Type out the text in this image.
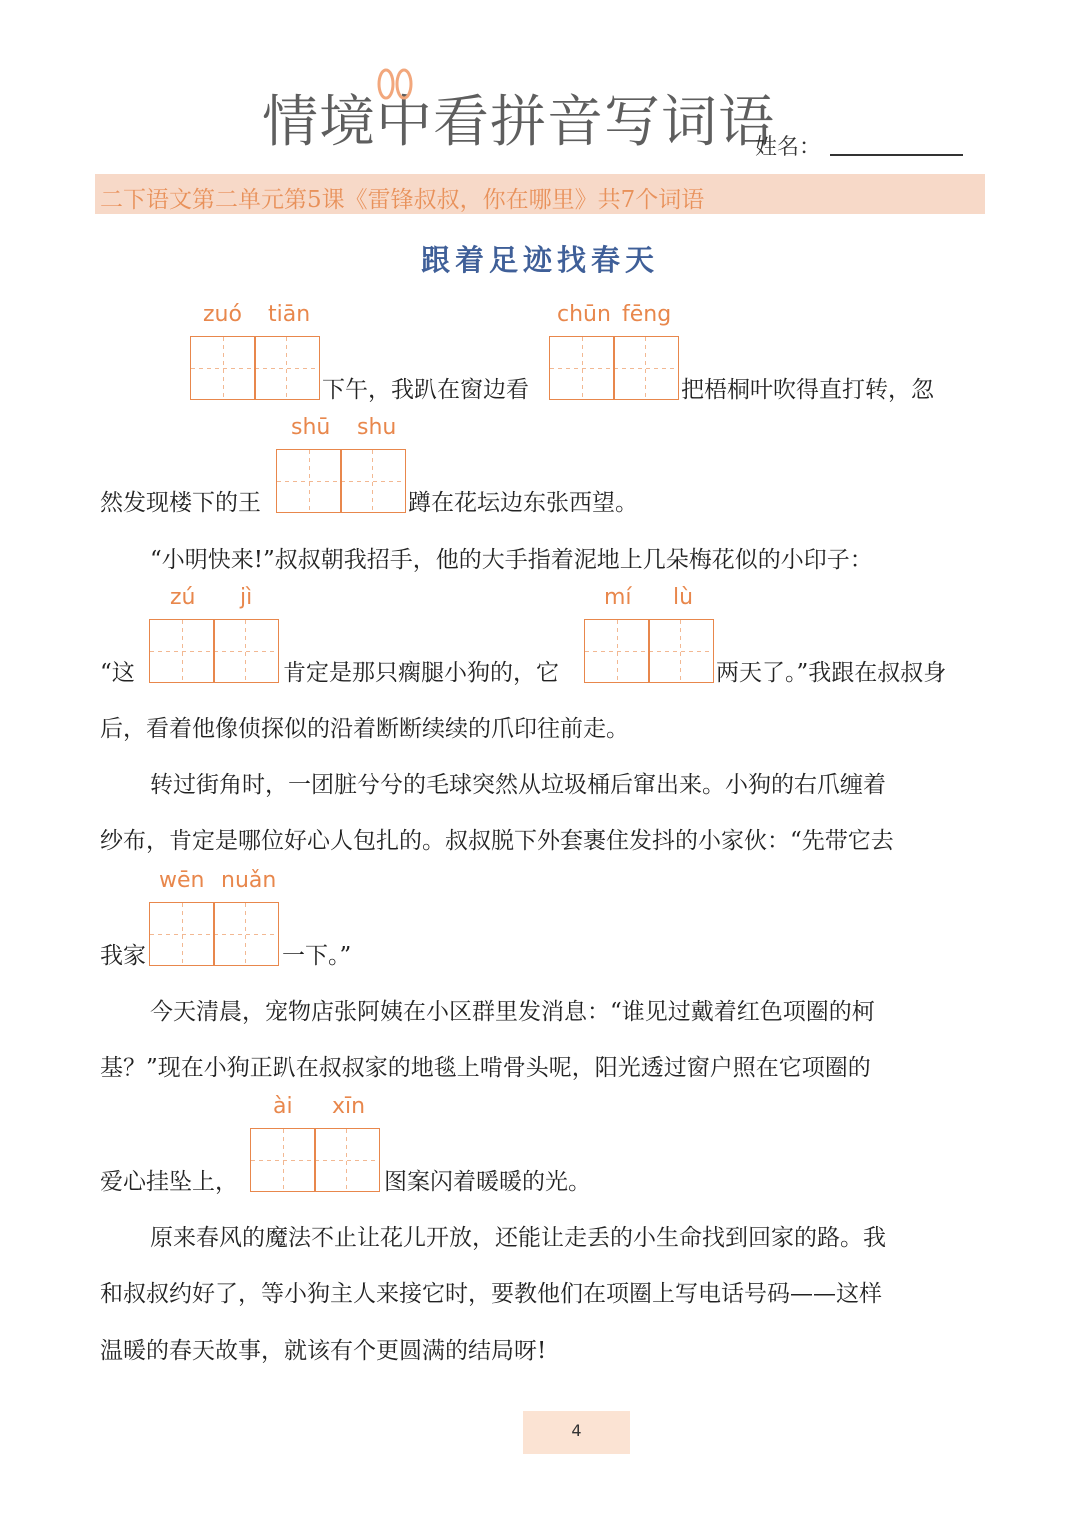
情境中看拼音写词语
姓名：
二下语文第二单元第5课《雷锋叔叔，你在哪里》共7个词语
跟着足迹找春天
zuó tiān	chūn fēng
下午，我趴在窗边看	把梧桐叶吹得直打转，忽
shū shu
然发现楼下的王	蹲在花坛边东张西望。
“小明快来!”叔叔朝我招手，他的大手指着泥地上几朵梅花似的小印子：
zú jì	mí lù
“这	肯定是那只瘸腿小狗的，它	两天了。”我跟在叔叔身
后，看着他像侦探似的沿着断断续续的爪印往前走。
转过街角时，一团脏兮兮的毛球突然从垃圾桶后窜出来。小狗的右爪缠着
纱布，肯定是哪位好心人包扎的。叔叔脱下外套裹住发抖的小家伙：“先带它去
wēn nuǎn
我家	一下。”
今天清晨，宠物店张阿姨在小区群里发消息：“谁见过戴着红色项圈的柯
基？”现在小狗正趴在叔叔家的地毯上啃骨头呢，阳光透过窗户照在它项圈的
ài xīn
爱心挂坠上，	图案闪着暖暖的光。
原来春风的魔法不止让花儿开放，还能让走丢的小生命找到回家的路。我
和叔叔约好了，等小狗主人来接它时，要教他们在项圈上写电话号码——这样
温暖的春天故事，就该有个更圆满的结局呀!
4
